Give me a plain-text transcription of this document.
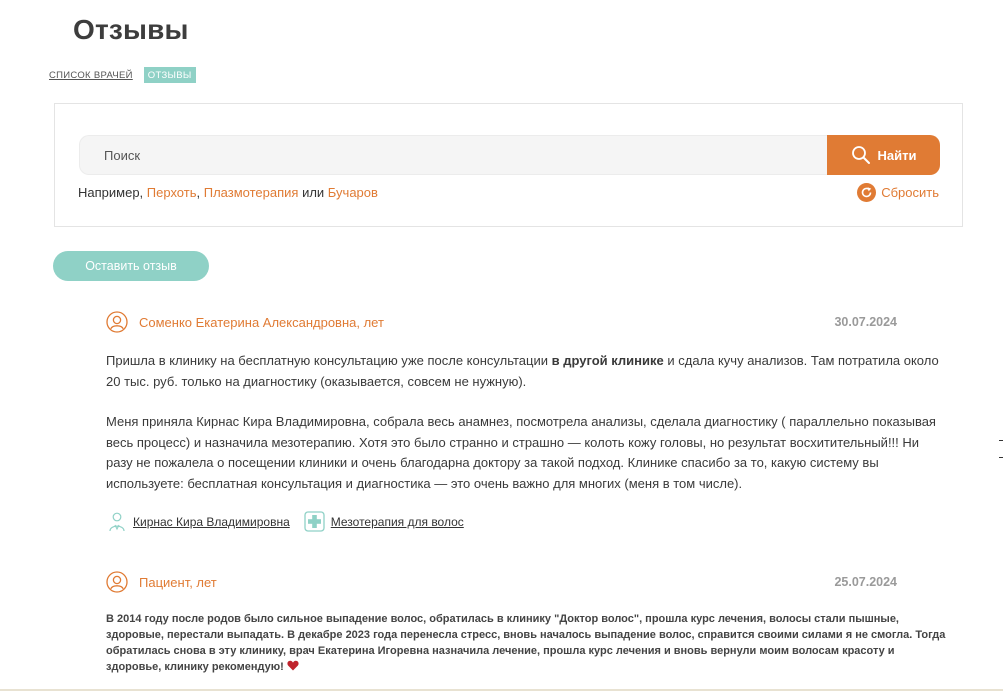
Отзывы
СПИСОК ВРАЧЕЙ	ОТЗЫВЫ
Поиск
Найти
Например, Перхоть, Плазмотерапия или Бучаров	Сбросить
Оставить отзыв
Соменко Екатерина Александровна, лет	30.07.2024

Пришла в клинику на бесплатную консультацию уже после консультации в другой клинике и сдала кучу анализов. Там потратила около 20 тыс. руб. только на диагностику (оказывается, совсем не нужную).

Меня приняла Кирнас Кира Владимировна, собрала весь анамнез, посмотрела анализы, сделала диагностику ( параллельно показывая весь процесс) и назначила мезотерапию. Хотя это было странно и страшно — колоть кожу головы, но результат восхитительный!!! Ни разу не пожалела о посещении клиники и очень благодарна доктору за такой подход. Клинике спасибо за то, какую систему вы используете: бесплатная консультация и диагностика — это очень важно для многих (меня в том числе).

Кирнас Кира Владимировна	Мезотерапия для волос
Пациент, лет	25.07.2024
В 2014 году после родов было сильное выпадение волос, обратилась в клинику "Доктор волос", прошла курс лечения, волосы стали пышные, здоровые, перестали выпадать. В декабре 2023 года перенесла стресс, вновь началось выпадение волос, справится своими силами я не смогла. Тогда обратилась снова в эту клинику, врач Екатерина Игоревна назначила лечение, прошла курс лечения и вновь вернули моим волосам красоту и здоровье, клинику рекомендую!
